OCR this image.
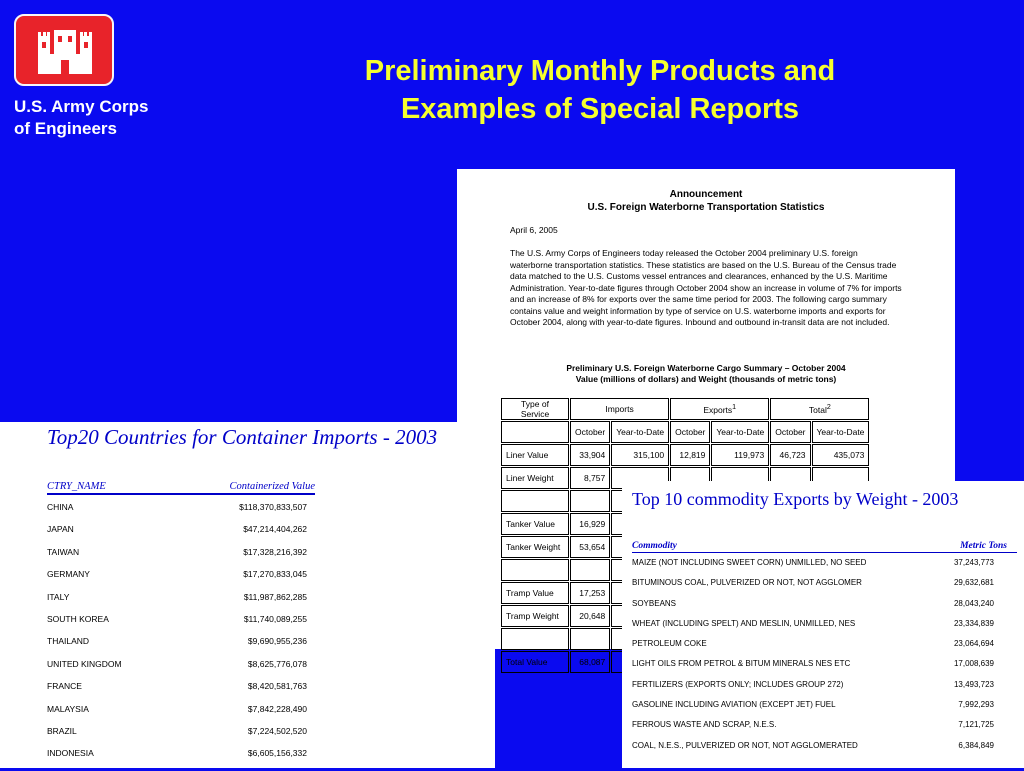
U.S. Army Corps
of Engineers
Preliminary Monthly Products and
Examples of Special Reports
Announcement
U.S. Foreign Waterborne Transportation Statistics
April 6, 2005
The U.S. Army Corps of Engineers today released the October 2004 preliminary U.S. foreign waterborne transportation statistics. These statistics are based on the U.S. Bureau of the Census trade data matched to the U.S. Customs vessel entrances and clearances, enhanced by the U.S. Maritime Administration. Year-to-date figures through October 2004 show an increase in volume of 7% for imports and an increase of 8% for exports over the same time period for 2003. The following cargo summary contains value and weight information by type of service on U.S. waterborne imports and exports for October 2004, along with year-to-date figures. Inbound and outbound in-transit data are not included.
Preliminary U.S. Foreign Waterborne Cargo Summary – October 2004
Value (millions of dollars) and Weight (thousands of metric tons)
Type of Service	Imports		Exports$^1$		Total$^2$
	October	Year-to-Date	October	Year-to-Date	October	Year-to-Date
Liner Value	33,904	315,100	12,819	119,973	46,723	435,073
Liner Weight	8,757					

Tanker Value	16,929					
Tanker Weight	53,654					

Tramp Value	17,253					
Tramp Weight	20,648					

Total Value	68,087					
Top20 Countries for Container Imports - 2003
CTRY_NAME	Containerized Value
CHINA	$118,370,833,507
JAPAN	$47,214,404,262
TAIWAN	$17,328,216,392
GERMANY	$17,270,833,045
ITALY	$11,987,862,285
SOUTH KOREA	$11,740,089,255
THAILAND	$9,690,955,236
UNITED KINGDOM	$8,625,776,078
FRANCE	$8,420,581,763
MALAYSIA	$7,842,228,490
BRAZIL	$7,224,502,520
INDONESIA	$6,605,156,332
Top 10 commodity Exports by Weight - 2003
Commodity	Metric Tons
MAIZE (NOT INCLUDING SWEET CORN) UNMILLED, NO SEED	37,243,773
BITUMINOUS COAL, PULVERIZED OR NOT, NOT AGGLOMER	29,632,681
SOYBEANS	28,043,240
WHEAT (INCLUDING SPELT) AND MESLIN, UNMILLED, NES	23,334,839
PETROLEUM COKE	23,064,694
LIGHT OILS FROM PETROL & BITUM MINERALS NES ETC	17,008,639
FERTILIZERS (EXPORTS ONLY; INCLUDES GROUP 272)	13,493,723
GASOLINE INCLUDING AVIATION (EXCEPT JET) FUEL	7,992,293
FERROUS WASTE AND SCRAP, N.E.S.	7,121,725
COAL, N.E.S., PULVERIZED OR NOT, NOT AGGLOMERATED	6,384,849
